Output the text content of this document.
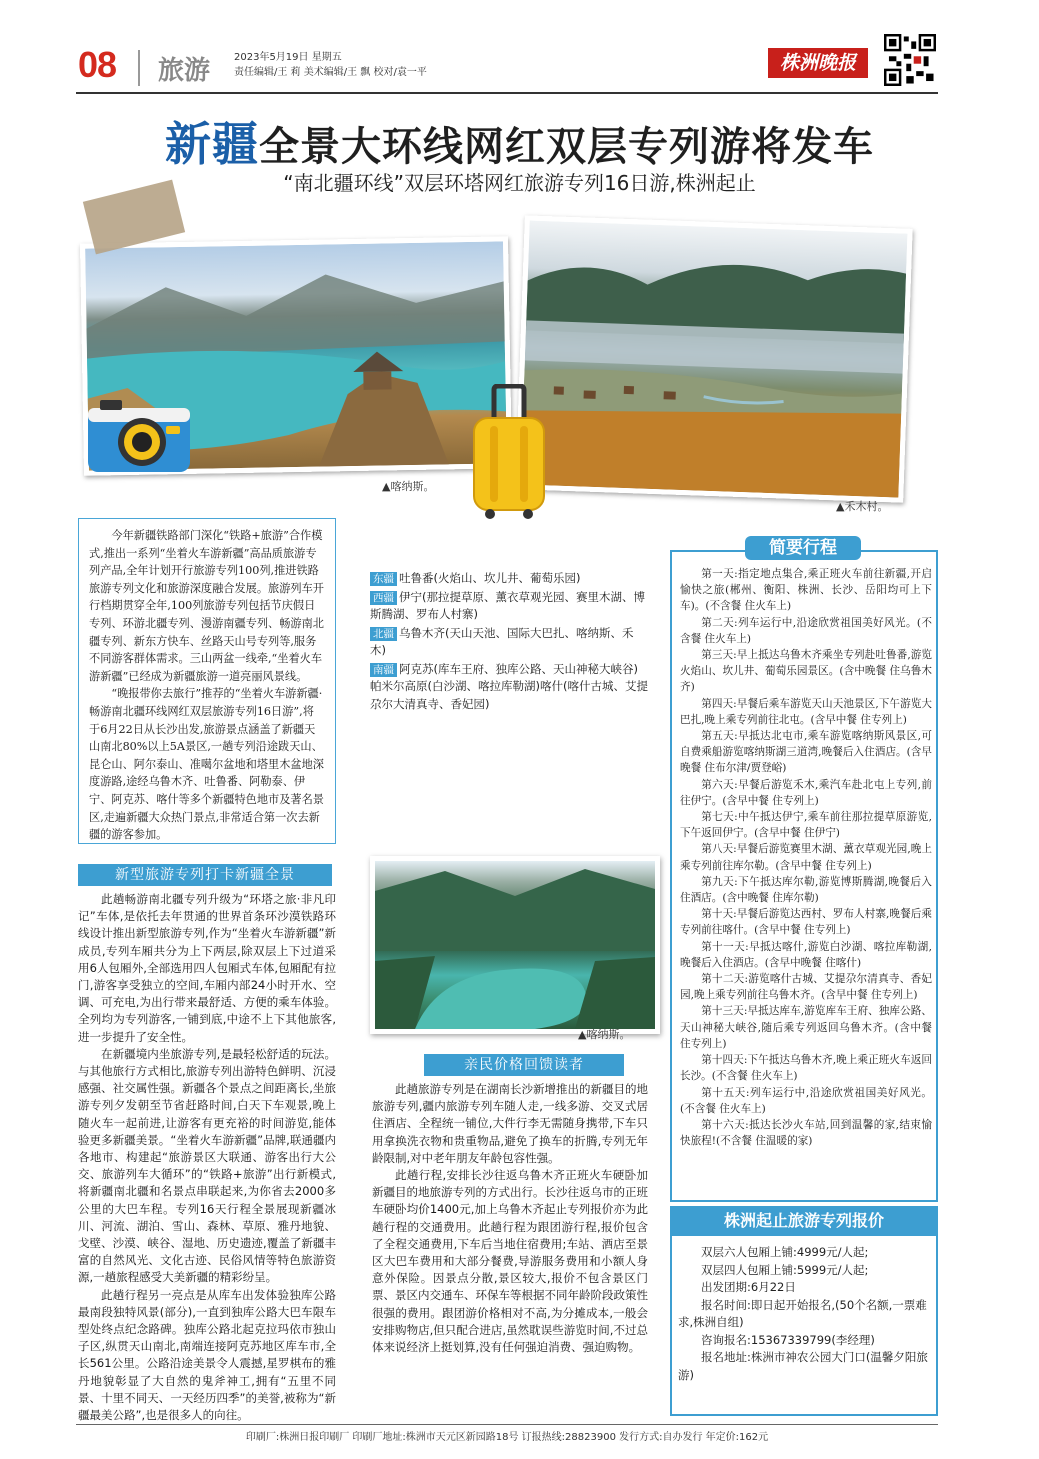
08 旅游 2023年5月19日 星期五
责任编辑/王 莉 美术编辑/王 飘 校对/袁一平	株洲晚报
新疆全景大环线网红双层专列游将发车
“南北疆环线”双层环塔网红旅游专列16日游,株洲起止
▲喀纳斯。
▲禾木村。

今年新疆铁路部门深化“铁路+旅游”合作模式,推出一系列“坐着火车游新疆”高品质旅游专列产品,全年计划开行旅游专列100列,推进铁路旅游专列文化和旅游深度融合发展。旅游列车开行档期贯穿全年,100列旅游专列包括节庆假日专列、环游北疆专列、漫游南疆专列、畅游南北疆专列、新东方快车、丝路天山号专列等,服务不同游客群体需求。三山两盆一线牵,“坐着火车游新疆”已经成为新疆旅游一道亮丽风景线。

“晚报带你去旅行”推荐的“坐着火车游新疆·畅游南北疆环线网红双层旅游专列16日游”,将于6月22日从长沙出发,旅游景点涵盖了新疆天山南北80%以上5A景区,一趟专列沿途跋天山、昆仑山、阿尔泰山、准噶尔盆地和塔里木盆地深度游路,途经乌鲁木齐、吐鲁番、阿勒泰、伊宁、阿克苏、喀什等多个新疆特色地市及著名景区,走遍新疆大众热门景点,非常适合第一次去新疆的游客参加。

东疆 吐鲁番(火焰山、坎儿井、葡萄乐园)
西疆 伊宁(那拉提草原、薰衣草观光园、赛里木湖、博斯腾湖、罗布人村寨)
北疆 乌鲁木齐(天山天池、国际大巴扎、喀纳斯、禾木)
南疆 阿克苏(库车王府、独库公路、天山神秘大峡谷)帕米尔高原(白沙湖、喀拉库勒湖)喀什(喀什古城、艾提尕尔大清真寺、香妃园)
▲喀纳斯。
新型旅游专列打卡新疆全景

此趟畅游南北疆专列升级为“环塔之旅·非凡印记”车体,是依托去年贯通的世界首条环沙漠铁路环线设计推出新型旅游专列,作为“坐着火车游新疆”新成员,专列车厢共分为上下两层,除双层上下过道采用6人包厢外,全部选用四人包厢式车体,包厢配有拉门,游客享受独立的空间,车厢内部24小时开水、空调、可充电,为出行带来最舒适、方便的乘车体验。全列均为专列游客,一铺到底,中途不上下其他旅客,进一步提升了安全性。

在新疆境内坐旅游专列,是最轻松舒适的玩法。与其他旅行方式相比,旅游专列出游特色鲜明、沉浸感强、社交属性强。新疆各个景点之间距离长,坐旅游专列夕发朝至节省赶路时间,白天下车观景,晚上随火车一起前进,让游客有更充裕的时间游览,能体验更多新疆美景。“坐着火车游新疆”品牌,联通疆内各地市、构建起“旅游景区大联通、游客出行大公交、旅游列车大循环”的“铁路+旅游”出行新模式,将新疆南北疆和名景点串联起来,为你省去2000多公里的大巴车程。专列16天行程全景展现新疆冰川、河流、湖泊、雪山、森林、草原、雅丹地貌、戈壁、沙漠、峡谷、湿地、历史遗迹,覆盖了新疆丰富的自然风光、文化古迹、民俗风情等特色旅游资源,一趟旅程感受大美新疆的精彩纷呈。

此趟行程另一亮点是从库车出发体验独库公路最南段独特风景(部分),一直到独库公路大巴车限车型处终点纪念路碑。独库公路北起克拉玛依市独山子区,纵贯天山南北,南端连接阿克苏地区库车市,全长561公里。公路沿途美景令人震撼,星罗棋布的雅丹地貌彰显了大自然的鬼斧神工,拥有“五里不同景、十里不同天、一天经历四季”的美誉,被称为“新疆最美公路”,也是很多人的向往。

亲民价格回馈读者

此趟旅游专列是在湖南长沙新增推出的新疆目的地旅游专列,疆内旅游专列车随人走,一线多游、交叉式居住酒店、全程统一铺位,大件行李无需随身携带,下车只用拿换洗衣物和贵重物品,避免了换车的折腾,专列无年龄限制,对中老年朋友年龄包容性强。

此趟行程,安排长沙往返乌鲁木齐正班火车硬卧加新疆目的地旅游专列的方式出行。长沙往返乌市的正班车硬卧均价1400元,加上乌鲁木齐起止专列报价亦为此趟行程的交通费用。此趟行程为跟团游行程,报价包含了全程交通费用,下车后当地住宿费用;车站、酒店至景区大巴车费用和大部分餐费,导游服务费用和小额人身意外保险。因景点分散,景区较大,报价不包含景区门票、景区内交通车、环保车等根据不同年龄阶段政策性很强的费用。跟团游价格相对不高,为分摊成本,一般会安排购物店,但只配合进店,虽然耽误些游览时间,不过总体来说经济上挺划算,没有任何强迫消费、强迫购物。

简要行程

第一天:指定地点集合,乘正班火车前往新疆,开启愉快之旅(郴州、衡阳、株洲、长沙、岳阳均可上下车)。(不含餐 住火车上)

第二天:列车运行中,沿途欣赏祖国美好风光。(不含餐 住火车上)

第三天:早上抵达乌鲁木齐乘坐专列赴吐鲁番,游览火焰山、坎儿井、葡萄乐园景区。(含中晚餐 住乌鲁木齐)

第四天:早餐后乘车游览天山天池景区,下午游览大巴扎,晚上乘专列前往北屯。(含早中餐 住专列上)

第五天:早抵达北屯市,乘车游览喀纳斯风景区,可自费乘船游览喀纳斯湖三道湾,晚餐后入住酒店。(含早晚餐 住布尔津/贾登峪)

第六天:早餐后游览禾木,乘汽车赴北屯上专列,前往伊宁。(含早中餐 住专列上)

第七天:中午抵达伊宁,乘车前往那拉提草原游览,下午返回伊宁。(含早中餐 住伊宁)

第八天:早餐后游览赛里木湖、薰衣草观光园,晚上乘专列前往库尔勒。(含早中餐 住专列上)

第九天:下午抵达库尔勒,游览博斯腾湖,晚餐后入住酒店。(含中晚餐 住库尔勒)

第十天:早餐后游览达西村、罗布人村寨,晚餐后乘专列前往喀什。(含早中餐 住专列上)

第十一天:早抵达喀什,游览白沙湖、喀拉库勒湖,晚餐后入住酒店。(含早中晚餐 住喀什)

第十二天:游览喀什古城、艾提尕尔清真寺、香妃园,晚上乘专列前往乌鲁木齐。(含早中餐 住专列上)

第十三天:早抵达库车,游览库车王府、独库公路、天山神秘大峡谷,随后乘专列返回乌鲁木齐。(含中餐 住专列上)

第十四天:下午抵达乌鲁木齐,晚上乘正班火车返回长沙。(不含餐 住火车上)

第十五天:列车运行中,沿途欣赏祖国美好风光。(不含餐 住火车上)

第十六天:抵达长沙火车站,回到温馨的家,结束愉快旅程!(不含餐 住温暖的家)

株洲起止旅游专列报价

双层六人包厢上铺:4999元/人起;

双层四人包厢上铺:5999元/人起;

出发团期:6月22日

报名时间:即日起开始报名,(50个名额,一票难求,株洲自组)

咨询报名:15367339799(李经理)

报名地址:株洲市神农公园大门口(温馨夕阳旅游)

印刷厂:株洲日报印刷厂 印刷厂地址:株洲市天元区新园路18号 订报热线:28823900 发行方式:自办发行 年定价:162元
